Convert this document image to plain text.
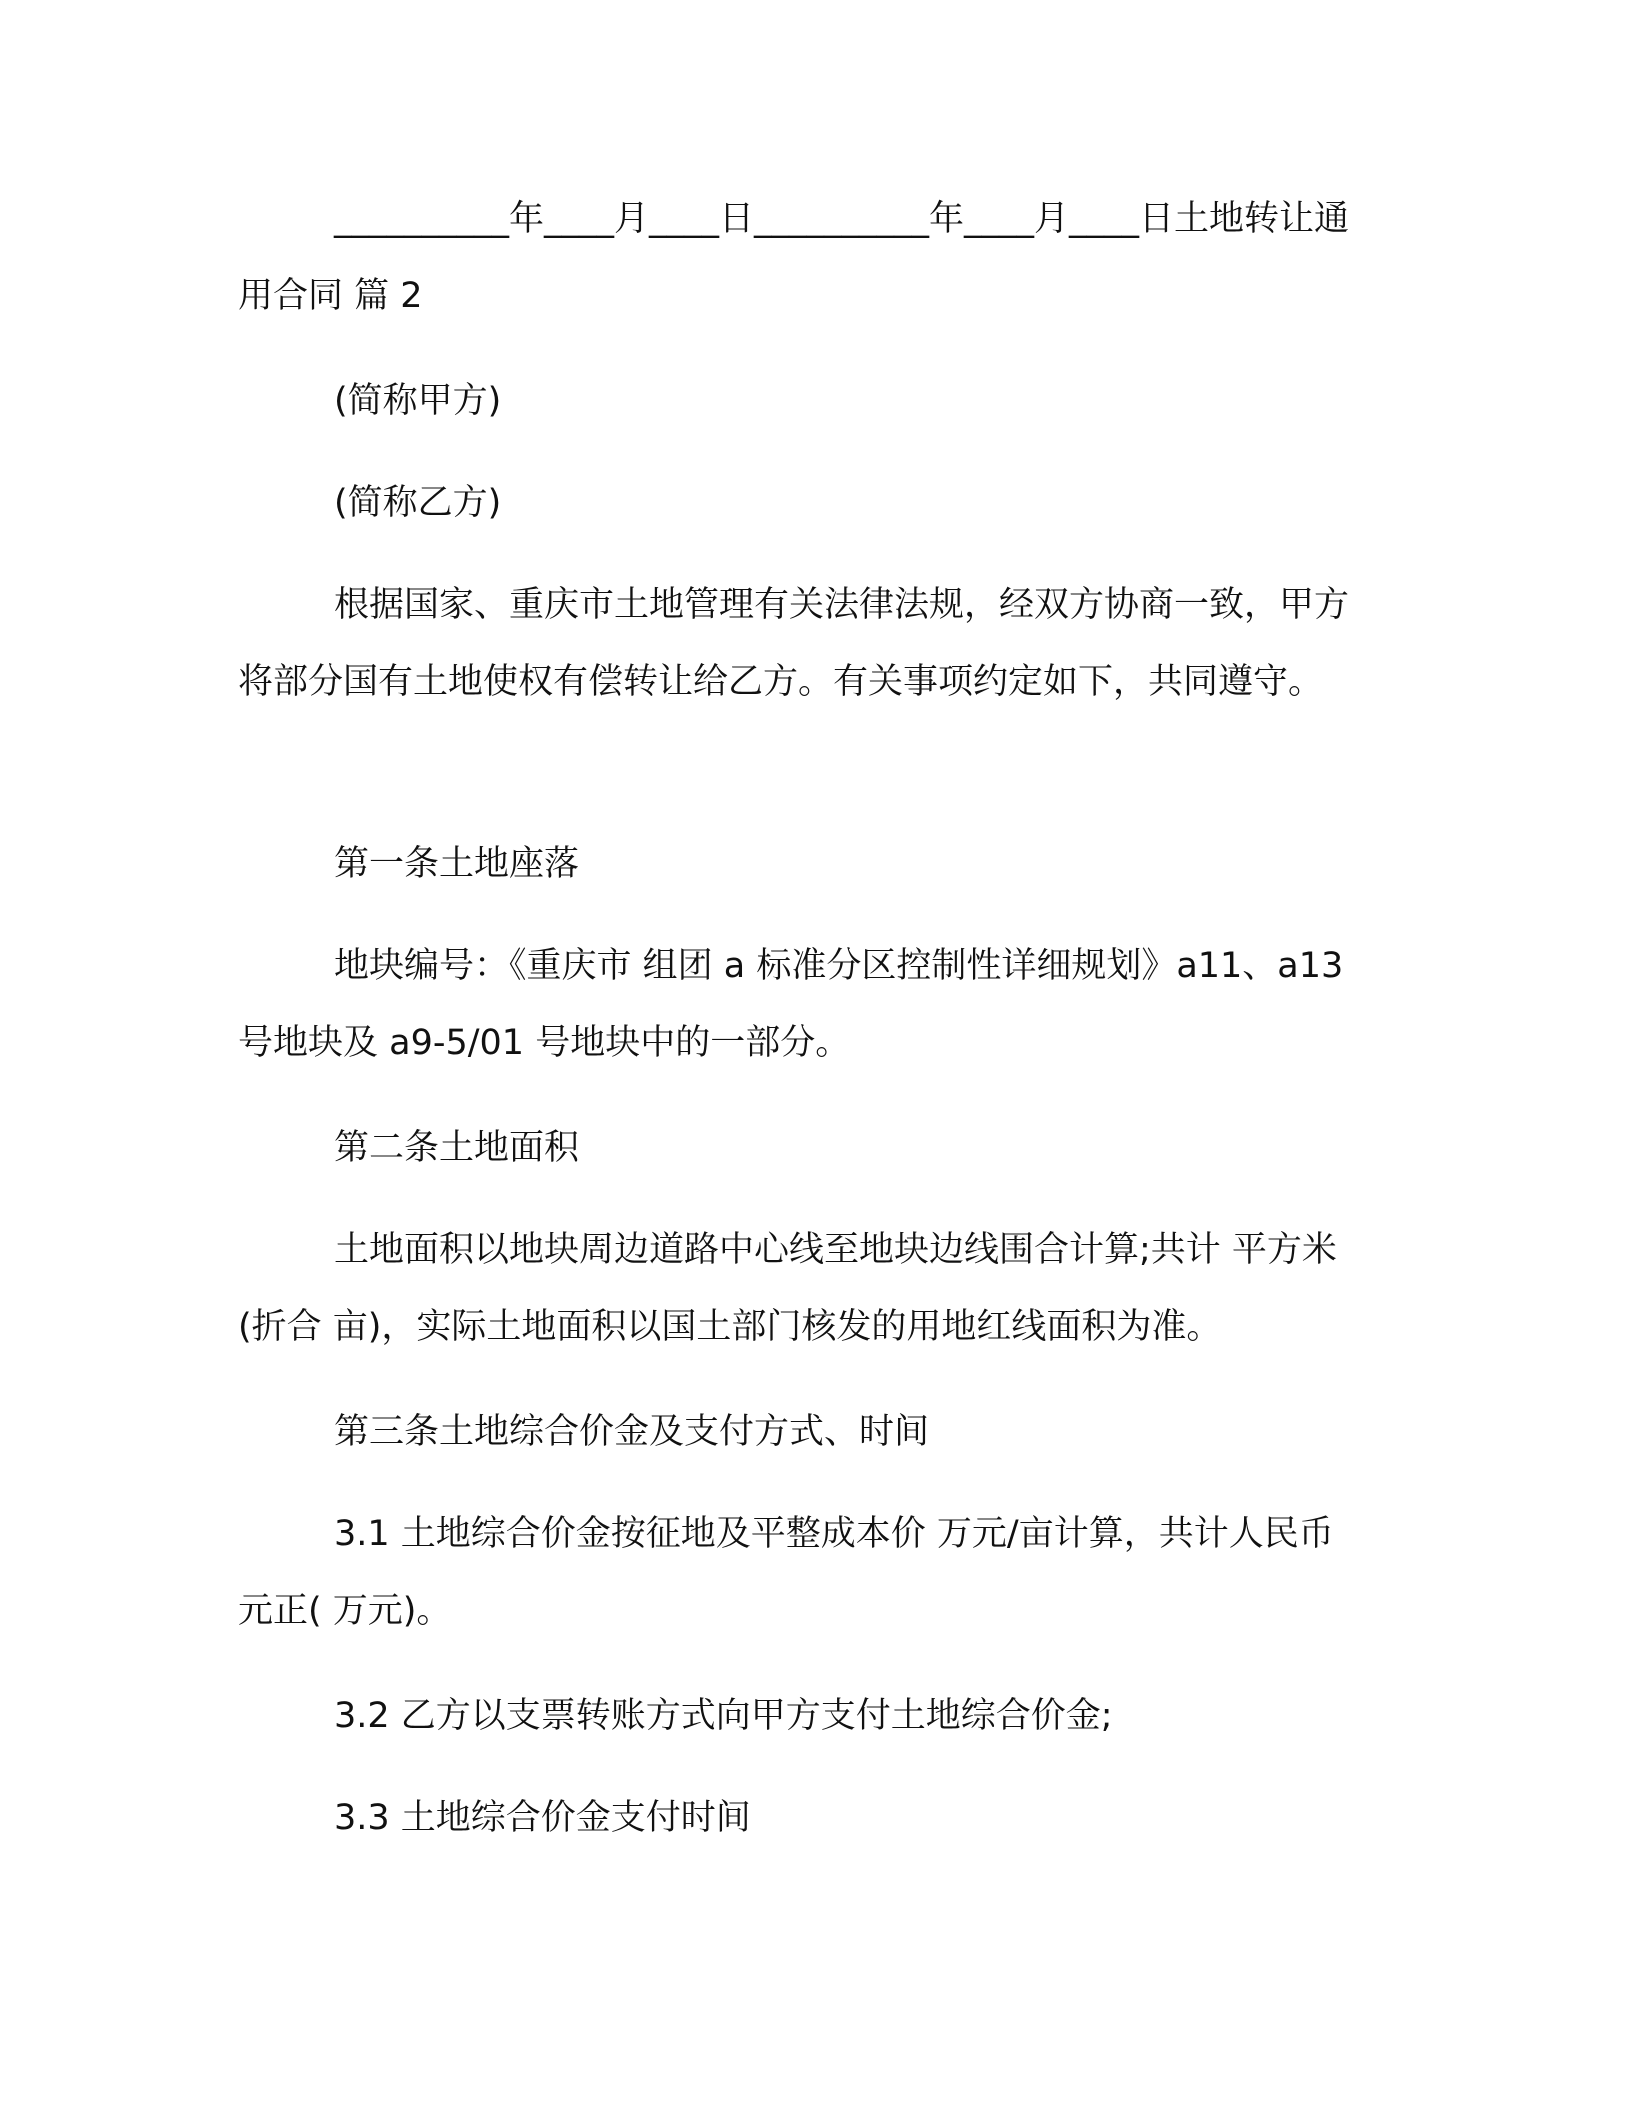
__________年____月____日__________年____月____日土地转让通用合同 篇 2

(简称甲方)

(简称乙方)

根据国家、重庆市土地管理有关法律法规，经双方协商一致，甲方将部分国有土地使权有偿转让给乙方。有关事项约定如下，共同遵守。

第一条土地座落

地块编号：《重庆市 组团 a 标准分区控制性详细规划》a11、a13 号地块及 a9-5/01 号地块中的一部分。

第二条土地面积

土地面积以地块周边道路中心线至地块边线围合计算;共计 平方米(折合 亩)，实际土地面积以国土部门核发的用地红线面积为准。

第三条土地综合价金及支付方式、时间

3.1 土地综合价金按征地及平整成本价 万元/亩计算，共计人民币 元正( 万元)。

3.2 乙方以支票转账方式向甲方支付土地综合价金;

3.3 土地综合价金支付时间
